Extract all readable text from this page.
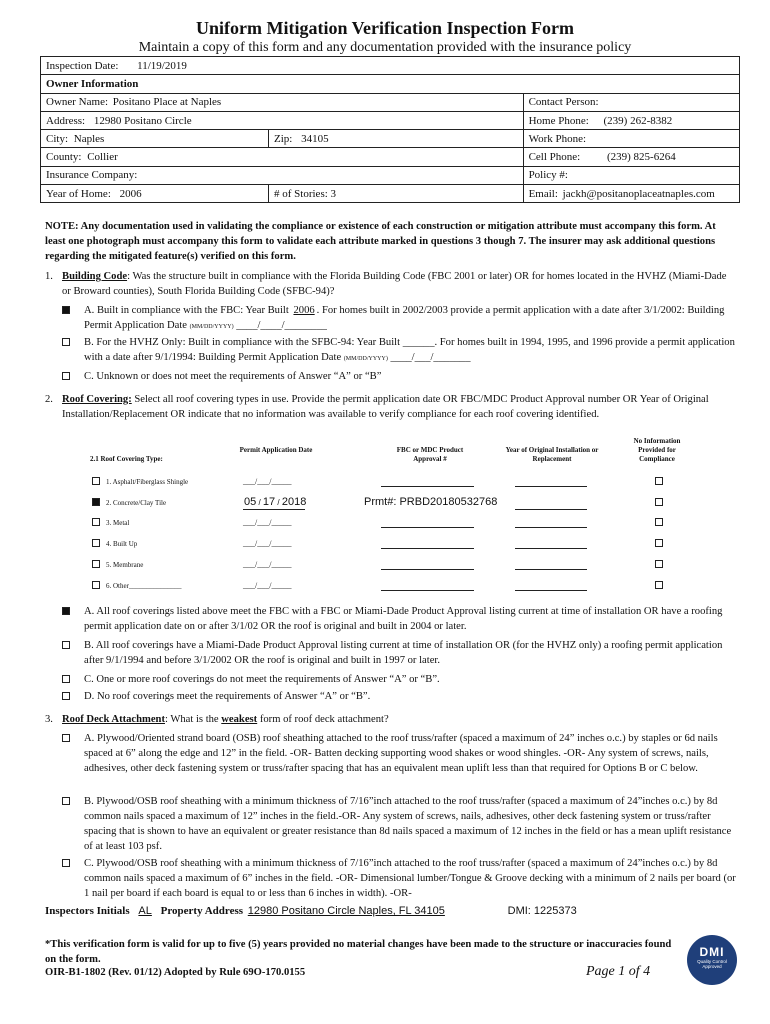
Uniform Mitigation Verification Inspection Form
Maintain a copy of this form and any documentation provided with the insurance policy
Inspection Date: 11/19/2019		
Owner Information		
Owner Name: Positano Place at Naples		Contact Person:
Address: 12980 Positano Circle		Home Phone: (239) 262-8382
City: Naples	Zip: 34105	Work Phone:
County: Collier		Cell Phone: (239) 825-6264
Insurance Company:		Policy #:
Year of Home: 2006	# of Stories: 3	Email: jackh@positanoplaceatnaples.com
NOTE: Any documentation used in validating the compliance or existence of each construction or mitigation attribute must accompany this form. At least one photograph must accompany this form to validate each attribute marked in questions 3 though 7. The insurer may ask additional questions regarding the mitigated feature(s) verified on this form.
1. Building Code: Was the structure built in compliance with the Florida Building Code (FBC 2001 or later) OR for homes located in the HVHZ (Miami-Dade or Broward counties), South Florida Building Code (SFBC-94)?
A. Built in compliance with the FBC: Year Built 2006 . For homes built in 2002/2003 provide a permit application with a date after 3/1/2002: Building Permit Application Date (MM/DD/YYYY) ____/____/________
B. For the HVHZ Only: Built in compliance with the SFBC-94: Year Built ______. For homes built in 1994, 1995, and 1996 provide a permit application with a date after 9/1/1994: Building Permit Application Date (MM/DD/YYYY) ____/___/_______
C. Unknown or does not meet the requirements of Answer “A” or “B”
2. Roof Covering: Select all roof covering types in use. Provide the permit application date OR FBC/MDC Product Approval number OR Year of Original Installation/Replacement OR indicate that no information was available to verify compliance for each roof covering identified.
2.1 Roof Covering Type:
Permit Application Date	FBC or MDC Product Approval #
Year of Original Installation or Replacement
No Information Provided for Compliance
1. Asphalt/Fiberglass Shingle	___/___/_____
2. Concrete/Clay Tile	05 / 17 / 2018	Prmt#: PRBD20180532768
3. Metal	___/___/_____
4. Built Up	___/___/_____
5. Membrane	___/___/_____
6. Other_______________	___/___/_____
A. All roof coverings listed above meet the FBC with a FBC or Miami-Dade Product Approval listing current at time of installation OR have a roofing permit application date on or after 3/1/02 OR the roof is original and built in 2004 or later.
B. All roof coverings have a Miami-Dade Product Approval listing current at time of installation OR (for the HVHZ only) a roofing permit application after 9/1/1994 and before 3/1/2002 OR the roof is original and built in 1997 or later.
C. One or more roof coverings do not meet the requirements of Answer “A” or “B”.
D. No roof coverings meet the requirements of Answer “A” or “B”.
3. Roof Deck Attachment: What is the weakest form of roof deck attachment?
A. Plywood/Oriented strand board (OSB) roof sheathing attached to the roof truss/rafter (spaced a maximum of 24” inches o.c.) by staples or 6d nails spaced at 6” along the edge and 12” in the field. -OR- Batten decking supporting wood shakes or wood shingles. -OR- Any system of screws, nails, adhesives, other deck fastening system or truss/rafter spacing that has an equivalent mean uplift less than that required for Options B or C below.
B. Plywood/OSB roof sheathing with a minimum thickness of 7/16”inch attached to the roof truss/rafter (spaced a maximum of 24”inches o.c.) by 8d common nails spaced a maximum of 12” inches in the field.-OR- Any system of screws, nails, adhesives, other deck fastening system or truss/rafter spacing that is shown to have an equivalent or greater resistance than 8d nails spaced a maximum of 12 inches in the field or has a mean uplift resistance of at least 103 psf.
C. Plywood/OSB roof sheathing with a minimum thickness of 7/16”inch attached to the roof truss/rafter (spaced a maximum of 24”inches o.c.) by 8d common nails spaced a maximum of 6” inches in the field. -OR- Dimensional lumber/Tongue & Groove decking with a minimum of 2 nails per board (or 1 nail per board if each board is equal to or less than 6 inches in width). -OR-
Inspectors Initials AL Property Address 12980 Positano Circle Naples, FL 34105	DMI: 1225373
*This verification form is valid for up to five (5) years provided no material changes have been made to the structure or inaccuracies found on the form.
OIR-B1-1802 (Rev. 01/12) Adopted by Rule 69O-170.0155	Page 1 of 4
DMI
Quality Control Approved
